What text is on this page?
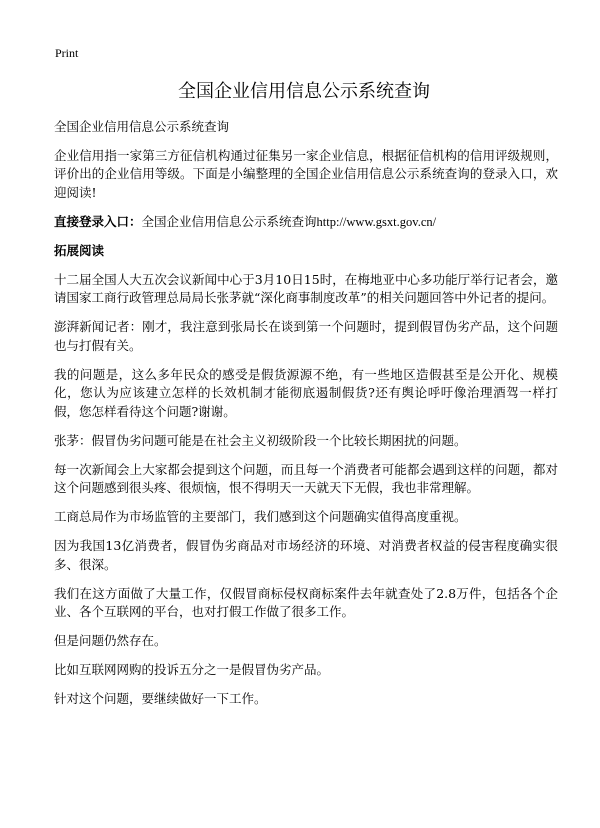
Print
全国企业信用信息公示系统查询

全国企业信用信息公示系统查询

企业信用指一家第三方征信机构通过征集另一家企业信息，根据征信机构的信用评级规则，评价出的企业信用等级。下面是小编整理的全国企业信用信息公示系统查询的登录入口，欢迎阅读!

直接登录入口：全国企业信用信息公示系统查询http://www.gsxt.gov.cn/

拓展阅读

十二届全国人大五次会议新闻中心于3月10日15时，在梅地亚中心多功能厅举行记者会，邀请国家工商行政管理总局局长张茅就“深化商事制度改革”的相关问题回答中外记者的提问。

澎湃新闻记者：刚才，我注意到张局长在谈到第一个问题时，提到假冒伪劣产品，这个问题也与打假有关。

我的问题是，这么多年民众的感受是假货源源不绝，有一些地区造假甚至是公开化、规模化，您认为应该建立怎样的长效机制才能彻底遏制假货?还有舆论呼吁像治理酒驾一样打假，您怎样看待这个问题?谢谢。

张茅：假冒伪劣问题可能是在社会主义初级阶段一个比较长期困扰的问题。

每一次新闻会上大家都会提到这个问题，而且每一个消费者可能都会遇到这样的问题，都对这个问题感到很头疼、很烦恼，恨不得明天一天就天下无假，我也非常理解。

工商总局作为市场监管的主要部门，我们感到这个问题确实值得高度重视。

因为我国13亿消费者，假冒伪劣商品对市场经济的环境、对消费者权益的侵害程度确实很多、很深。

我们在这方面做了大量工作，仅假冒商标侵权商标案件去年就查处了2.8万件，包括各个企业、各个互联网的平台，也对打假工作做了很多工作。

但是问题仍然存在。

比如互联网网购的投诉五分之一是假冒伪劣产品。

针对这个问题，要继续做好一下工作。
